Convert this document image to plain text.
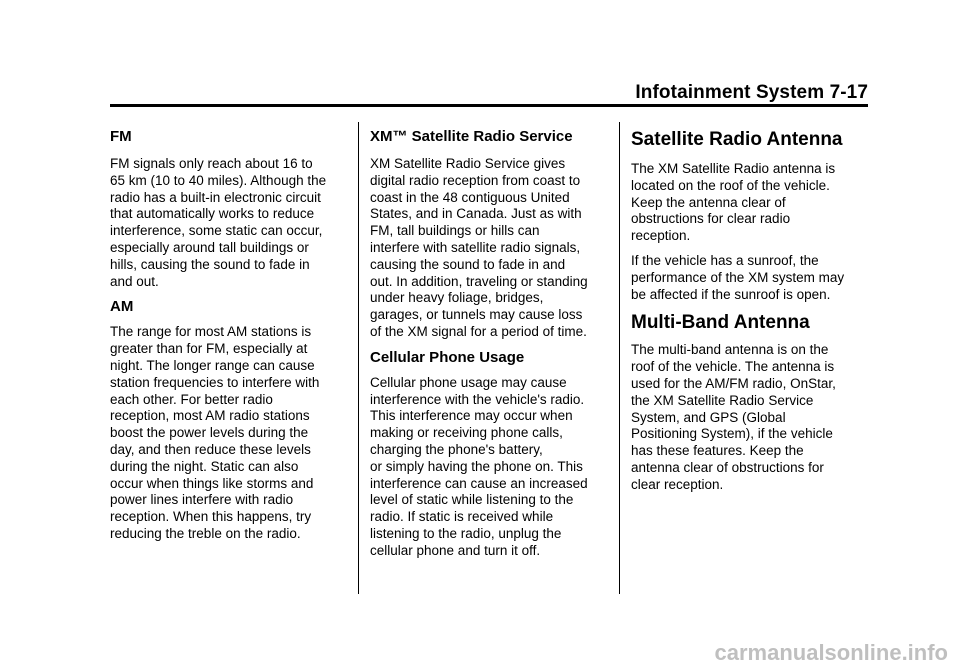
Infotainment System 7-17
FM

FM signals only reach about 16 to
65 km (10 to 40 miles). Although the
radio has a built-in electronic circuit
that automatically works to reduce
interference, some static can occur,
especially around tall buildings or
hills, causing the sound to fade in
and out.

AM

The range for most AM stations is
greater than for FM, especially at
night. The longer range can cause
station frequencies to interfere with
each other. For better radio
reception, most AM radio stations
boost the power levels during the
day, and then reduce these levels
during the night. Static can also
occur when things like storms and
power lines interfere with radio
reception. When this happens, try
reducing the treble on the radio.

XM™ Satellite Radio Service

XM Satellite Radio Service gives
digital radio reception from coast to
coast in the 48 contiguous United
States, and in Canada. Just as with
FM, tall buildings or hills can
interfere with satellite radio signals,
causing the sound to fade in and
out. In addition, traveling or standing
under heavy foliage, bridges,
garages, or tunnels may cause loss
of the XM signal for a period of time.

Cellular Phone Usage

Cellular phone usage may cause
interference with the vehicle's radio.
This interference may occur when
making or receiving phone calls,
charging the phone's battery,
or simply having the phone on. This
interference can cause an increased
level of static while listening to the
radio. If static is received while
listening to the radio, unplug the
cellular phone and turn it off.

Satellite Radio Antenna

The XM Satellite Radio antenna is
located on the roof of the vehicle.
Keep the antenna clear of
obstructions for clear radio
reception.

If the vehicle has a sunroof, the
performance of the XM system may
be affected if the sunroof is open.

Multi-Band Antenna

The multi-band antenna is on the
roof of the vehicle. The antenna is
used for the AM/FM radio, OnStar,
the XM Satellite Radio Service
System, and GPS (Global
Positioning System), if the vehicle
has these features. Keep the
antenna clear of obstructions for
clear reception.

carmanualsonline.info
